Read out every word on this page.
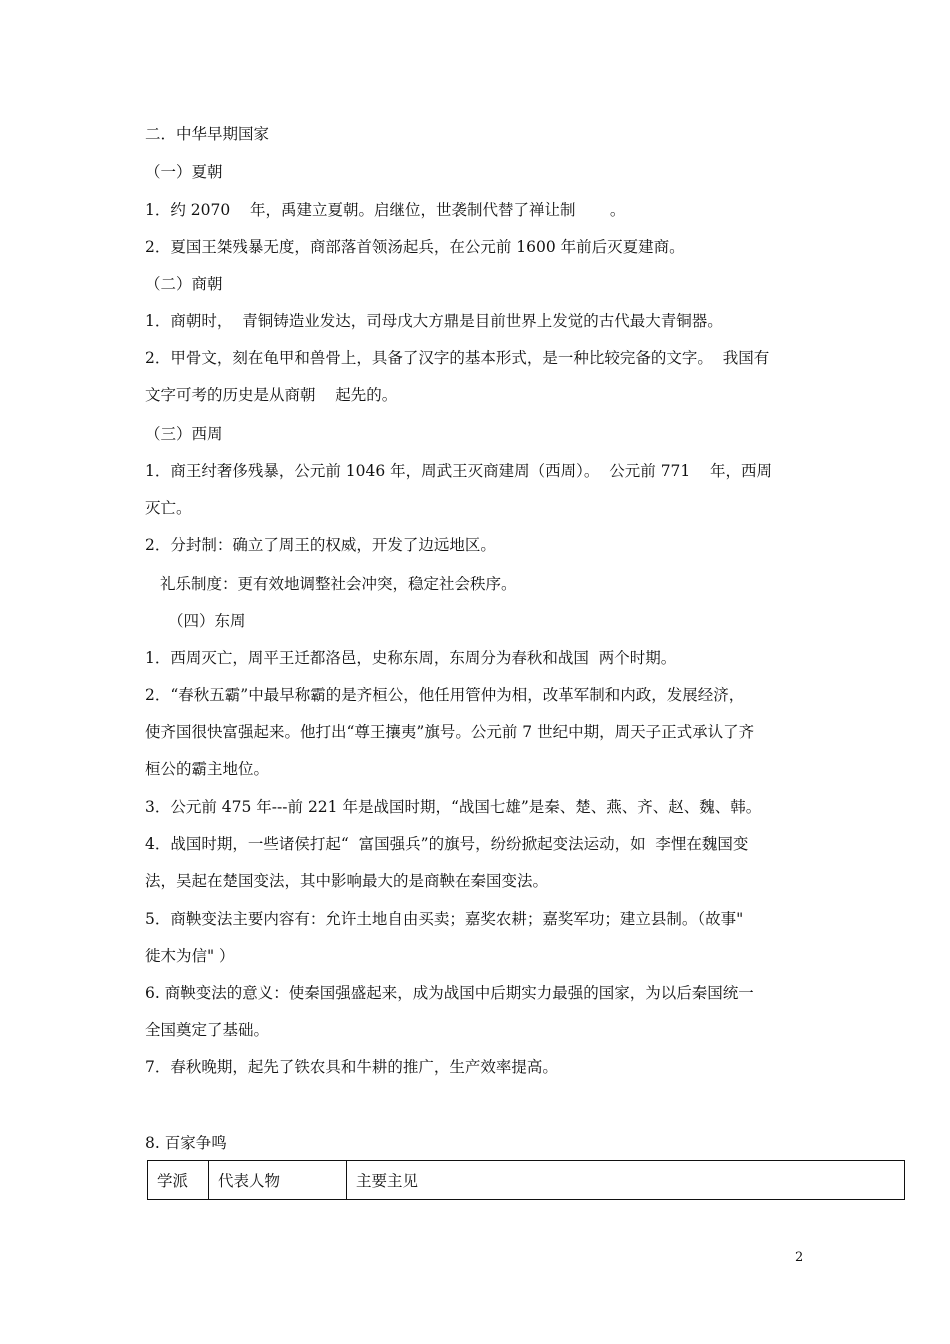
二．中华早期国家

（一）夏朝

1．约 2070    年，禹建立夏朝。启继位，世袭制代替了禅让制       。

2．夏国王桀残暴无度，商部落首领汤起兵，在公元前 1600 年前后灭夏建商。

（二）商朝

1．商朝时，  青铜铸造业发达，司母戊大方鼎是目前世界上发觉的古代最大青铜器。

2．甲骨文，刻在龟甲和兽骨上，具备了汉字的基本形式，是一种比较完备的文字。  我国有

文字可考的历史是从商朝    起先的。

（三）西周

1．商王纣奢侈残暴，公元前 1046 年，周武王灭商建周（西周）。  公元前 771    年，西周

灭亡。

2．分封制：确立了周王的权威，开发了边远地区。

礼乐制度：更有效地调整社会冲突，稳定社会秩序。

（四）东周

1．西周灭亡，周平王迁都洛邑，史称东周，东周分为春秋和战国  两个时期。

2．“春秋五霸”中最早称霸的是齐桓公，他任用管仲为相，改革军制和内政，发展经济，

使齐国很快富强起来。他打出“尊王攘夷”旗号。公元前 7 世纪中期，周天子正式承认了齐

桓公的霸主地位。

3．公元前 475 年---前 221 年是战国时期，“战国七雄”是秦、楚、燕、齐、赵、魏、韩。

4．战国时期，一些诸侯打起“  富国强兵”的旗号，纷纷掀起变法运动，如  李悝在魏国变

法，吴起在楚国变法，其中影响最大的是商鞅在秦国变法。

5．商鞅变法主要内容有：允许土地自由买卖；嘉奖农耕；嘉奖军功；建立县制。（故事"

徙木为信" ）

6. 商鞅变法的意义：使秦国强盛起来，成为战国中后期实力最强的国家，为以后秦国统一

全国奠定了基础。

7．春秋晚期，起先了铁农具和牛耕的推广，生产效率提高。

8. 百家争鸣

学派	代表人物	主要主见
2
